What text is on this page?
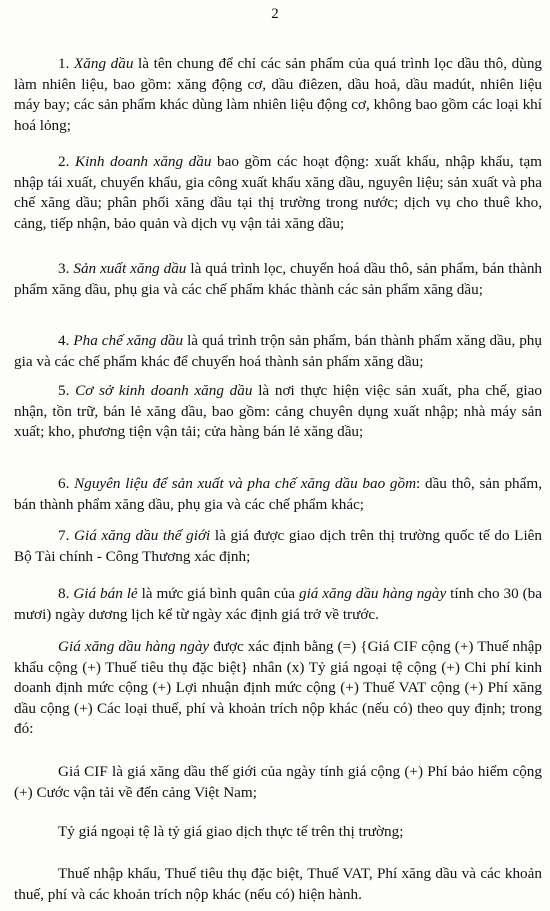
2

1. Xăng dầu là tên chung để chỉ các sản phẩm của quá trình lọc dầu thô, dùng làm nhiên liệu, bao gồm: xăng động cơ, dầu điêzen, dầu hoả, dầu madút, nhiên liệu máy bay; các sản phẩm khác dùng làm nhiên liệu động cơ, không bao gồm các loại khí hoá lỏng;

2. Kinh doanh xăng dầu bao gồm các hoạt động: xuất khẩu, nhập khẩu, tạm nhập tái xuất, chuyển khẩu, gia công xuất khẩu xăng dầu, nguyên liệu; sản xuất và pha chế xăng dầu; phân phối xăng dầu tại thị trường trong nước; dịch vụ cho thuê kho, cảng, tiếp nhận, bảo quản và dịch vụ vận tải xăng dầu;

3. Sản xuất xăng dầu là quá trình lọc, chuyển hoá dầu thô, sản phẩm, bán thành phẩm xăng dầu, phụ gia và các chế phẩm khác thành các sản phẩm xăng dầu;

4. Pha chế xăng dầu là quá trình trộn sản phẩm, bán thành phẩm xăng dầu, phụ gia và các chế phẩm khác để chuyển hoá thành sản phẩm xăng dầu;

5. Cơ sở kinh doanh xăng dầu là nơi thực hiện việc sản xuất, pha chế, giao nhận, tồn trữ, bán lẻ xăng dầu, bao gồm: cảng chuyên dụng xuất nhập; nhà máy sản xuất; kho, phương tiện vận tải; cửa hàng bán lẻ xăng dầu;

6. Nguyên liệu để sản xuất và pha chế xăng dầu bao gồm: dầu thô, sản phẩm, bán thành phẩm xăng dầu, phụ gia và các chế phẩm khác;

7. Giá xăng dầu thế giới là giá được giao dịch trên thị trường quốc tế do Liên Bộ Tài chính - Công Thương xác định;

8. Giá bán lẻ là mức giá bình quân của giá xăng dầu hàng ngày tính cho 30 (ba mươi) ngày dương lịch kể từ ngày xác định giá trở về trước.

Giá xăng dầu hàng ngày được xác định bằng (=) {Giá CIF cộng (+) Thuế nhập khẩu cộng (+) Thuế tiêu thụ đặc biệt} nhân (x) Tỷ giá ngoại tệ cộng (+) Chi phí kinh doanh định mức cộng (+) Lợi nhuận định mức cộng (+) Thuế VAT cộng (+) Phí xăng dầu cộng (+) Các loại thuế, phí và khoản trích nộp khác (nếu có) theo quy định; trong đó:

Giá CIF là giá xăng dầu thế giới của ngày tính giá cộng (+) Phí bảo hiểm cộng (+) Cước vận tải về đến cảng Việt Nam;

Tỷ giá ngoại tệ là tỷ giá giao dịch thực tế trên thị trường;

Thuế nhập khẩu, Thuế tiêu thụ đặc biệt, Thuế VAT, Phí xăng dầu và các khoản thuế, phí và các khoản trích nộp khác (nếu có) hiện hành.
